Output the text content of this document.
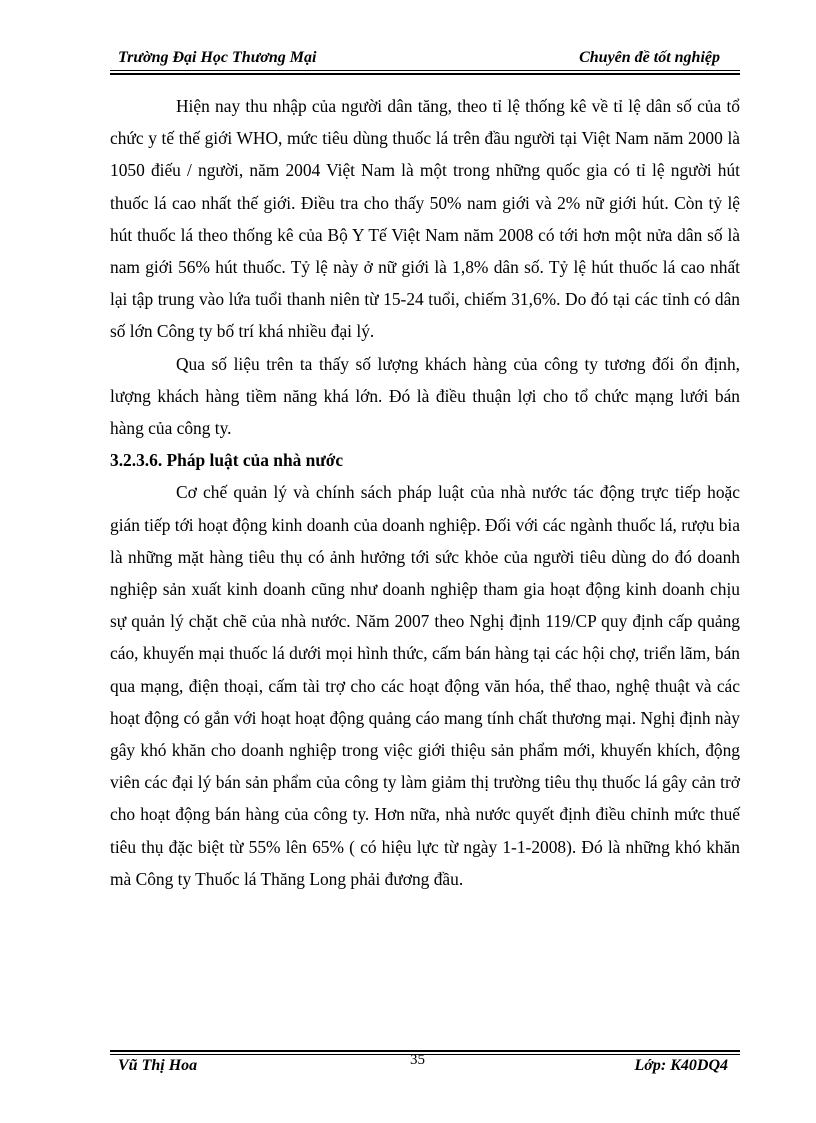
Trường Đại Học Thương Mại	Chuyên đề tốt nghiệp

Hiện nay thu nhập của người dân tăng, theo tỉ lệ thống kê về tỉ lệ dân số của tổ chức y tế thế giới WHO, mức tiêu dùng thuốc lá trên đầu người tại Việt Nam năm 2000 là 1050 điếu / người, năm 2004 Việt Nam là một trong những quốc gia có tỉ lệ người hút thuốc lá cao nhất thế giới. Điều tra cho thấy 50% nam giới và 2% nữ giới hút. Còn tỷ lệ hút thuốc lá theo thống kê của Bộ Y Tế Việt Nam năm 2008 có tới hơn một nửa dân số là nam giới 56% hút thuốc. Tỷ lệ này ở nữ giới là 1,8% dân số. Tỷ lệ hút thuốc lá cao nhất lại tập trung vào lứa tuổi thanh niên từ 15-24 tuổi, chiếm 31,6%. Do đó tại các tỉnh có dân số lớn Công ty bố trí khá nhiều đại lý.

Qua số liệu trên ta thấy số lượng khách hàng của công ty tương đối ổn định, lượng khách hàng tiềm năng khá lớn. Đó là điều thuận lợi cho tổ chức mạng lưới bán hàng của công ty.

3.2.3.6. Pháp luật của nhà nước

Cơ chế quản lý và chính sách pháp luật của nhà nước tác động trực tiếp hoặc gián tiếp tới hoạt động kinh doanh của doanh nghiệp. Đối với các ngành thuốc lá, rượu bia là những mặt hàng tiêu thụ có ảnh hưởng tới sức khỏe của người tiêu dùng do đó doanh nghiệp sản xuất kinh doanh cũng như doanh nghiệp tham gia hoạt động kinh doanh chịu sự quản lý chặt chẽ của nhà nước. Năm 2007 theo Nghị định 119/CP quy định cấp quảng cáo, khuyến mại thuốc lá dưới mọi hình thức, cấm bán hàng tại các hội chợ, triển lãm, bán qua mạng, điện thoại, cấm tài trợ cho các hoạt động văn hóa, thể thao, nghệ thuật và các hoạt động có gắn với hoạt hoạt động quảng cáo mang tính chất thương mại. Nghị định này gây khó khăn cho doanh nghiệp trong việc giới thiệu sản phẩm mới, khuyến khích, động viên các đại lý bán sản phẩm của công ty làm giảm thị trường tiêu thụ thuốc lá gây cản trở cho hoạt động bán hàng của công ty. Hơn nữa, nhà nước quyết định điều chỉnh mức thuế tiêu thụ đặc biệt từ 55% lên 65% ( có hiệu lực từ ngày 1-1-2008). Đó là những khó khăn mà Công ty Thuốc lá Thăng Long phải đương đầu.

Vũ Thị Hoa	35	Lớp: K40DQ4
